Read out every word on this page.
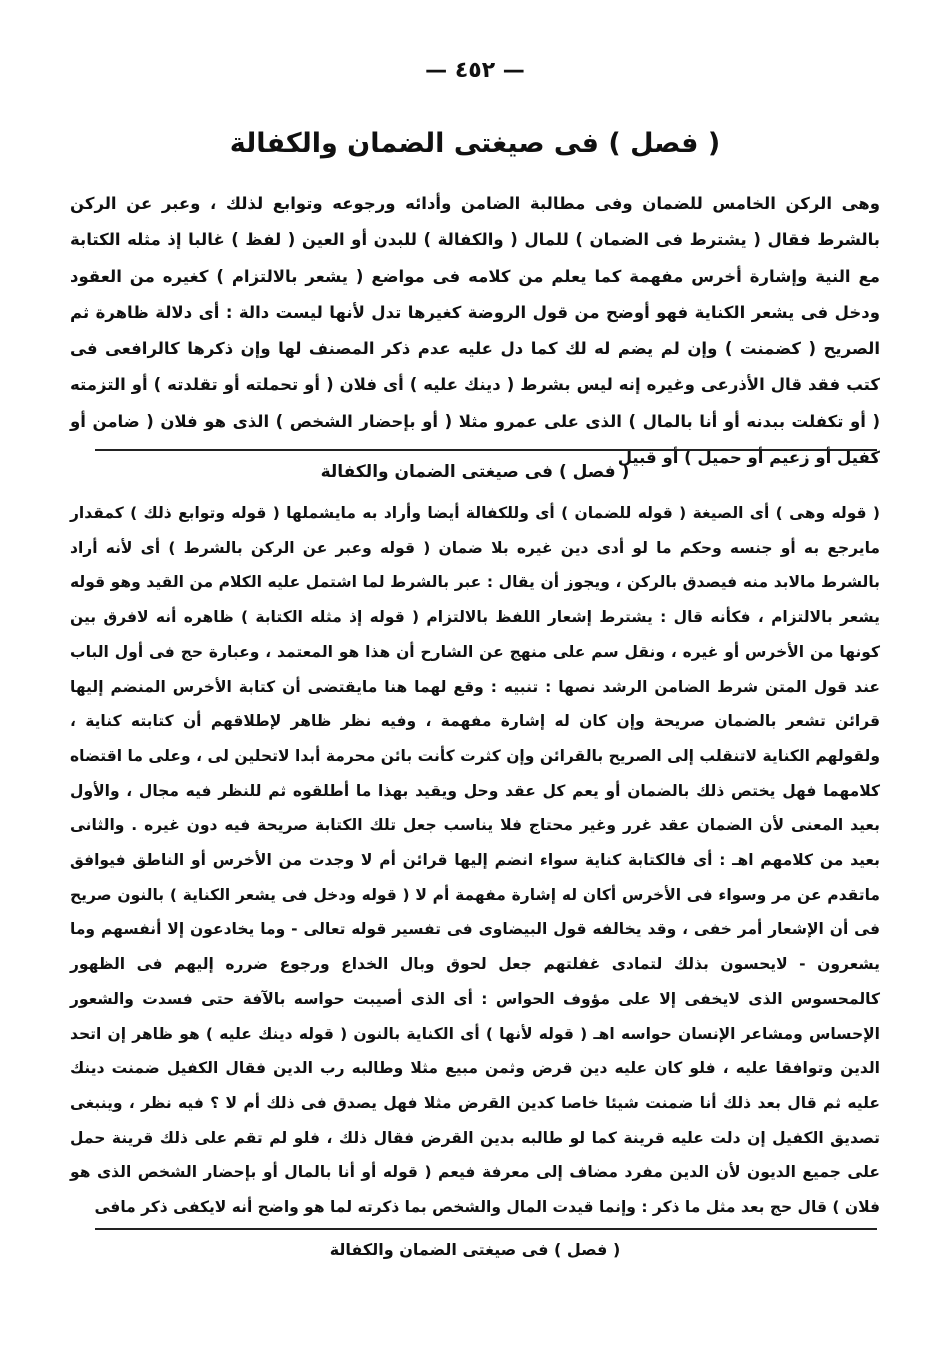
— ٤٥٢ —
( فصل ) فى صيغتى الضمان والكفالة

وهى الركن الخامس للضمان وفى مطالبة الضامن وأدائه ورجوعه وتوابع لذلك ، وعبر عن الركن بالشرط فقال ( يشترط فى الضمان ) للمال ( والكفالة ) للبدن أو العين ( لفظ ) غالبا إذ مثله الكتابة مع النية وإشارة أخرس مفهمة كما يعلم من كلامه فى مواضع ( يشعر بالالتزام ) كغيره من العقود ودخل فى يشعر الكناية فهو أوضح من قول الروضة كغيرها تدل لأنها ليست دالة : أى دلالة ظاهرة ثم الصريح ( كضمنت ) وإن لم يضم له لك كما دل عليه عدم ذكر المصنف لها وإن ذكرها كالرافعى فى كتب فقد قال الأذرعى وغيره إنه ليس بشرط ( دينك عليه ) أى فلان ( أو تحملته أو تقلدته ) أو التزمته ( أو تكفلت ببدنه أو أنا بالمال ) الذى على عمرو مثلا ( أو بإحضار الشخص ) الذى هو فلان ( ضامن أو كفيل أو زعيم أو حميل ) أو قبيل

( فصل ) فى صيغتى الضمان والكفالة

( قوله وهى ) أى الصيغة ( قوله للضمان ) أى وللكفالة أيضا وأراد به مايشملها ( قوله وتوابع ذلك ) كمقدار مايرجع به أو جنسه وحكم ما لو أدى دين غيره بلا ضمان ( قوله وعبر عن الركن بالشرط ) أى لأنه أراد بالشرط مالابد منه فيصدق بالركن ، ويجوز أن يقال : عبر بالشرط لما اشتمل عليه الكلام من القيد وهو قوله يشعر بالالتزام ، فكأنه قال : يشترط إشعار اللفظ بالالتزام ( قوله إذ مثله الكتابة ) ظاهره أنه لافرق بين كونها من الأخرس أو غيره ، ونقل سم على منهج عن الشارح أن هذا هو المعتمد ، وعبارة حج فى أول الباب عند قول المتن شرط الضامن الرشد نصها : تنبيه : وقع لهما هنا مايقتضى أن كتابة الأخرس المنضم إليها قرائن تشعر بالضمان صريحة وإن كان له إشارة مفهمة ، وفيه نظر ظاهر لإطلاقهم أن كتابته كناية ، ولقولهم الكناية لاتنقلب إلى الصريح بالقرائن وإن كثرت كأنت بائن محرمة أبدا لاتحلين لى ، وعلى ما اقتضاه كلامهما فهل يختص ذلك بالضمان أو يعم كل عقد وحل ويقيد بهذا ما أطلقوه ثم للنظر فيه مجال ، والأول بعيد المعنى لأن الضمان عقد غرر وغير محتاج فلا يناسب جعل تلك الكتابة صريحة فيه دون غيره . والثانى بعيد من كلامهم اهـ : أى فالكتابة كناية سواء انضم إليها قرائن أم لا وجدت من الأخرس أو الناطق فيوافق ماتقدم عن مر وسواء فى الأخرس أكان له إشارة مفهمة أم لا ( قوله ودخل فى يشعر الكناية ) بالنون صريح فى أن الإشعار أمر خفى ، وقد يخالفه قول البيضاوى فى تفسير قوله تعالى - وما يخادعون إلا أنفسهم وما يشعرون - لايحسون بذلك لتمادى غفلتهم جعل لحوق وبال الخداع ورجوع ضرره إليهم فى الظهور كالمحسوس الذى لايخفى إلا على مؤوف الحواس : أى الذى أصيبت حواسه بالآفة حتى فسدت والشعور الإحساس ومشاعر الإنسان حواسه اهـ ( قوله لأنها ) أى الكناية بالنون ( قوله دينك عليه ) هو ظاهر إن اتحد الدين وتوافقا عليه ، فلو كان عليه دين قرض وثمن مبيع مثلا وطالبه رب الدين فقال الكفيل ضمنت دينك عليه ثم قال بعد ذلك أنا ضمنت شيئا خاصا كدين القرض مثلا فهل يصدق فى ذلك أم لا ؟ فيه نظر ، وينبغى تصديق الكفيل إن دلت عليه قرينة كما لو طالبه بدين القرض فقال ذلك ، فلو لم تقم على ذلك قرينة حمل على جميع الديون لأن الدين مفرد مضاف إلى معرفة فيعم ( قوله أو أنا بالمال أو بإحضار الشخص الذى هو فلان ) قال حج بعد مثل ما ذكر : وإنما قيدت المال والشخص بما ذكرته لما هو واضح أنه لايكفى ذكر مافى

( فصل ) فى صيغتى الضمان والكفالة
